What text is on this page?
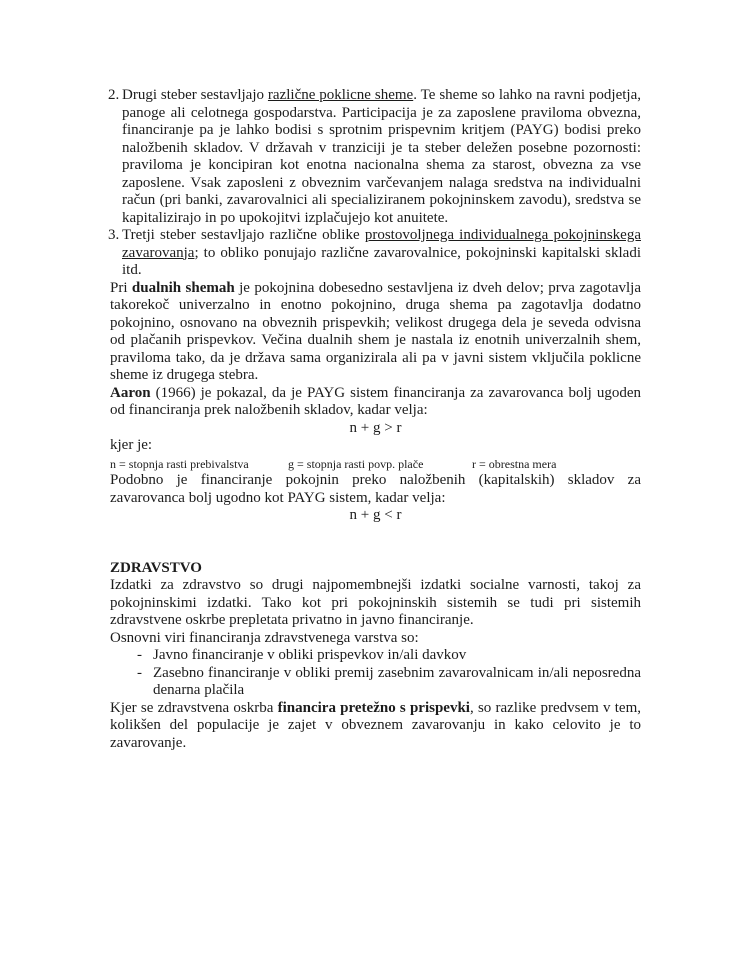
2. Drugi steber sestavljajo različne poklicne sheme. Te sheme so lahko na ravni podjetja, panoge ali celotnega gospodarstva. Participacija je za zaposlene praviloma obvezna, financiranje pa je lahko bodisi s sprotnim prispevnim kritjem (PAYG) bodisi preko naložbenih skladov. V državah v tranziciji je ta steber deležen posebne pozornosti: praviloma je koncipiran kot enotna nacionalna shema za starost, obvezna za vse zaposlene. Vsak zaposleni z obveznim varčevanjem nalaga sredstva na individualni račun (pri banki, zavarovalnici ali specializiranem pokojninskem zavodu), sredstva se kapitalizirajo in po upokojitvi izplačujejo kot anuitete.
3. Tretji steber sestavljajo različne oblike prostovoljnega individualnega pokojninskega zavarovanja; to obliko ponujajo različne zavarovalnice, pokojninski kapitalski skladi itd.

Pri dualnih shemah je pokojnina dobesedno sestavljena iz dveh delov; prva zagotavlja takorekoč univerzalno in enotno pokojnino, druga shema pa zagotavlja dodatno pokojnino, osnovano na obveznih prispevkih; velikost drugega dela je seveda odvisna od plačanih prispevkov. Večina dualnih shem je nastala iz enotnih univerzalnih shem, praviloma tako, da je država sama organizirala ali pa v javni sistem vključila poklicne sheme iz drugega stebra.

Aaron (1966) je pokazal, da je PAYG sistem financiranja za zavarovanca bolj ugoden od financiranja prek naložbenih skladov, kadar velja:

n + g > r
kjer je:
n = stopnja rasti prebivalstva	g = stopnja rasti povp. plače	r = obrestna mera

Podobno je financiranje pokojnin preko naložbenih (kapitalskih) skladov za zavarovanca bolj ugodno kot PAYG sistem, kadar velja:

n + g < r
ZDRAVSTVO

Izdatki za zdravstvo so drugi najpomembnejši izdatki socialne varnosti, takoj za pokojninskimi izdatki. Tako kot pri pokojninskih sistemih se tudi pri sistemih zdravstvene oskrbe prepletata privatno in javno financiranje.

Osnovni viri financiranja zdravstvenega varstva so:

- Javno financiranje v obliki prispevkov in/ali davkov
- Zasebno financiranje v obliki premij zasebnim zavarovalnicam in/ali neposredna denarna plačila

Kjer se zdravstvena oskrba financira pretežno s prispevki, so razlike predvsem v tem, kolikšen del populacije je zajet v obveznem zavarovanju in kako celovito je to zavarovanje.
